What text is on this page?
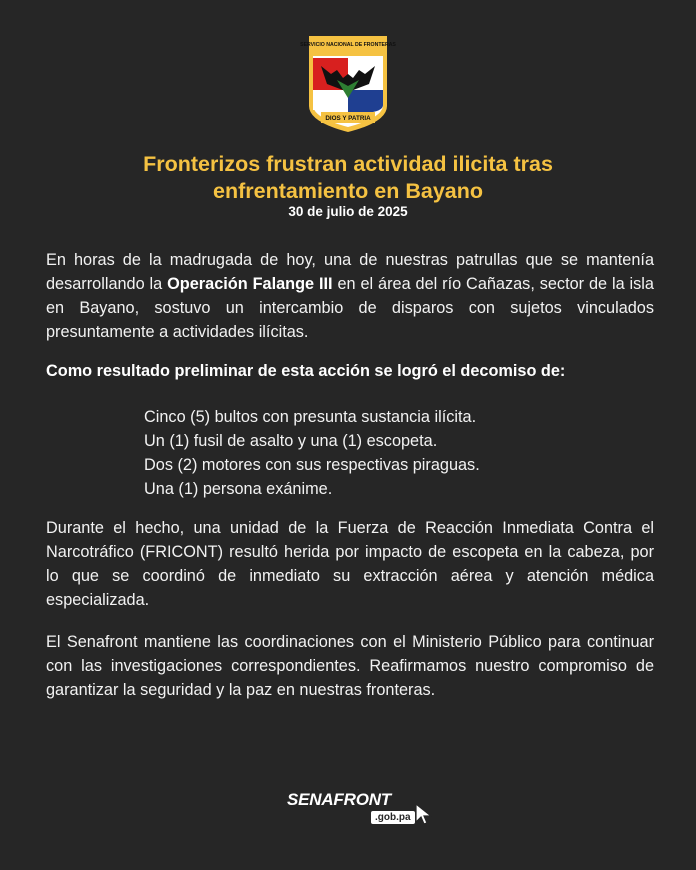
SERVICIO NACIONAL DE FRONTERAS
DIOS Y PATRIA
Fronterizos frustran actividad ilicita tras
enfrentamiento en Bayano
30 de julio de 2025

En horas de la madrugada de hoy, una de nuestras patrullas que se mantenía desarrollando la Operación Falange III en el área del río Cañazas, sector de la isla en Bayano, sostuvo un intercambio de disparos con sujetos vinculados presuntamente a actividades ilícitas.

Como resultado preliminar de esta acción se logró el decomiso de:

Cinco (5) bultos con presunta sustancia ilícita.
Un (1) fusil de asalto y una (1) escopeta.
Dos (2) motores con sus respectivas piraguas.
Una (1) persona exánime.

Durante el hecho, una unidad de la Fuerza de Reacción Inmediata Contra el Narcotráfico (FRICONT) resultó herida por impacto de escopeta en la cabeza, por lo que se coordinó de inmediato su extracción aérea y atención médica especializada.

El Senafront mantiene las coordinaciones con el Ministerio Público para continuar con las investigaciones correspondientes. Reafirmamos nuestro compromiso de garantizar la seguridad y la paz en nuestras fronteras.

SENAFRONT
.gob.pa
